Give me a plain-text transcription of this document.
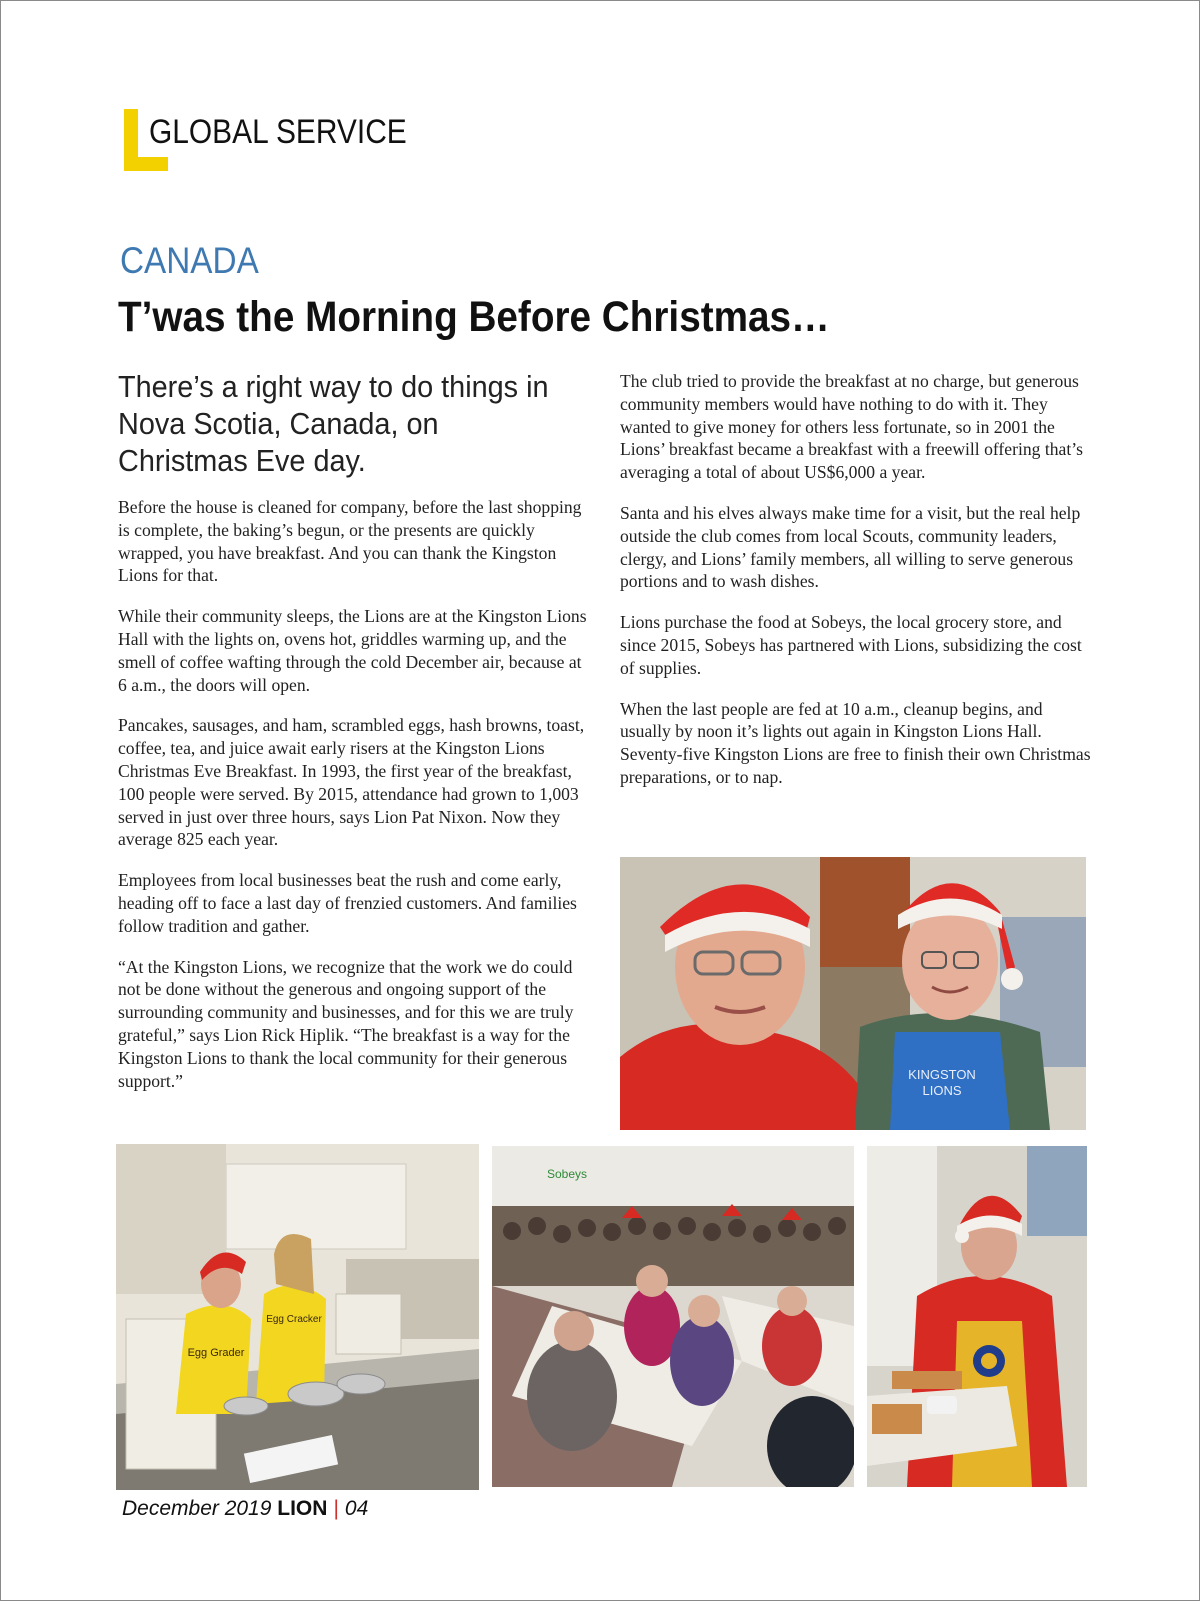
GLOBAL SERVICE
CANADA
T’was the Morning Before Christmas…
There’s a right way to do things in Nova Scotia, Canada, on Christmas Eve day.

Before the house is cleaned for company, before the last shopping is complete, the baking’s begun, or the presents are quickly wrapped, you have breakfast. And you can thank the Kingston Lions for that.

While their community sleeps, the Lions are at the Kingston Lions Hall with the lights on, ovens hot, griddles warming up, and the smell of coffee wafting through the cold December air, because at 6 a.m., the doors will open.

Pancakes, sausages, and ham, scrambled eggs, hash browns, toast, coffee, tea, and juice await early risers at the Kingston Lions Christmas Eve Breakfast. In 1993, the first year of the breakfast, 100 people were served. By 2015, attendance had grown to 1,003 served in just over three hours, says Lion Pat Nixon. Now they average 825 each year.

Employees from local businesses beat the rush and come early, heading off to face a last day of frenzied customers. And families follow tradition and gather.

“At the Kingston Lions, we recognize that the work we do could not be done without the generous and ongoing support of the surrounding community and businesses, and for this we are truly grateful,” says Lion Rick Hiplik. “The breakfast is a way for the Kingston Lions to thank the local community for their generous support.”

The club tried to provide the breakfast at no charge, but generous community members would have nothing to do with it. They wanted to give money for others less fortunate, so in 2001 the Lions’ breakfast became a breakfast with a freewill offering that’s averaging a total of about US$6,000 a year.

Santa and his elves always make time for a visit, but the real help outside the club comes from local Scouts, community leaders, clergy, and Lions’ family members, all willing to serve generous portions and to wash dishes.

Lions purchase the food at Sobeys, the local grocery store, and since 2015, Sobeys has partnered with Lions, subsidizing the cost of supplies.

When the last people are fed at 10 a.m., cleanup begins, and usually by noon it’s lights out again in Kingston Lions Hall. Seventy-five Kingston Lions are free to finish their own Christmas preparations, or to nap.

KINGSTON
LIONS
Egg Grader
Egg Cracker
Sobeys
December 2019 LION | 04
